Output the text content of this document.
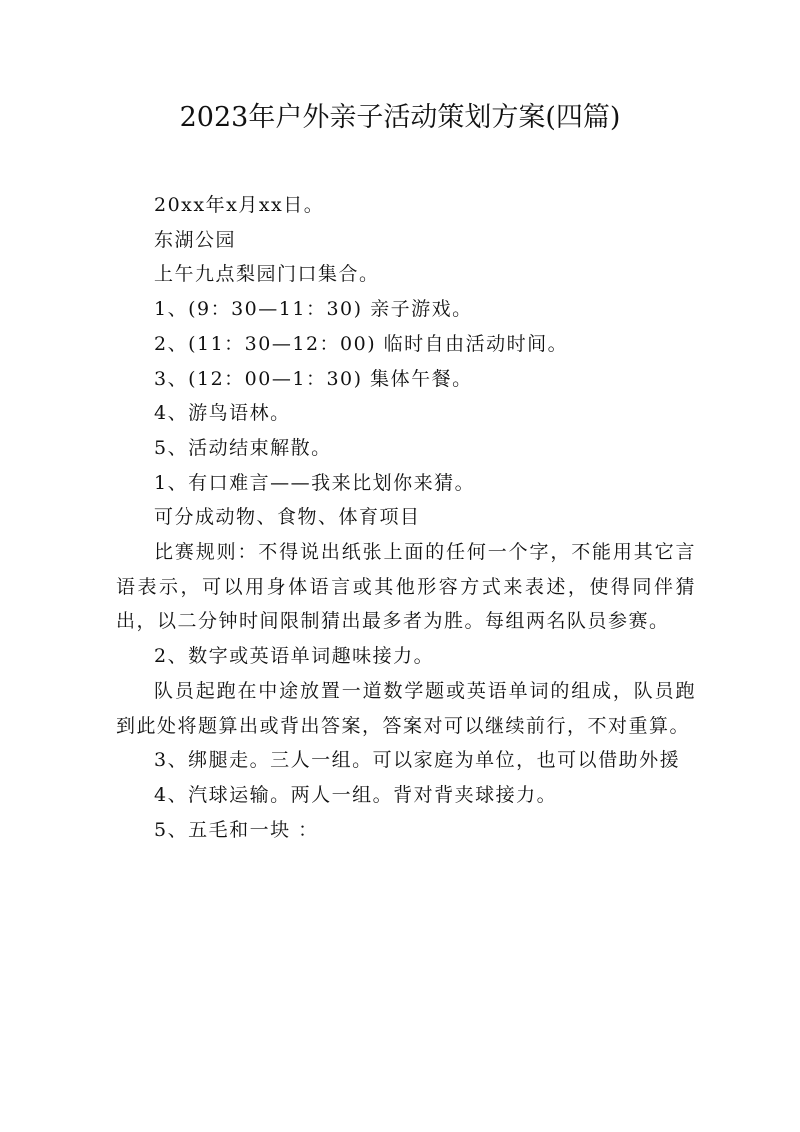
2023年户外亲子活动策划方案(四篇)

20xx年x月xx日。

东湖公园

上午九点梨园门口集合。

1、(9：30—11：30) 亲子游戏。

2、(11：30—12：00) 临时自由活动时间。

3、(12：00—1：30) 集体午餐。

4、游鸟语林。

5、活动结束解散。

1、有口难言——我来比划你来猜。

可分成动物、食物、体育项目

比赛规则：不得说出纸张上面的任何一个字，不能用其它言语表示，可以用身体语言或其他形容方式来表述，使得同伴猜出，以二分钟时间限制猜出最多者为胜。每组两名队员参赛。

2、数字或英语单词趣味接力。

队员起跑在中途放置一道数学题或英语单词的组成，队员跑到此处将题算出或背出答案，答案对可以继续前行，不对重算。

3、绑腿走。三人一组。可以家庭为单位，也可以借助外援

4、汽球运输。两人一组。背对背夹球接力。

5、五毛和一块 ：
